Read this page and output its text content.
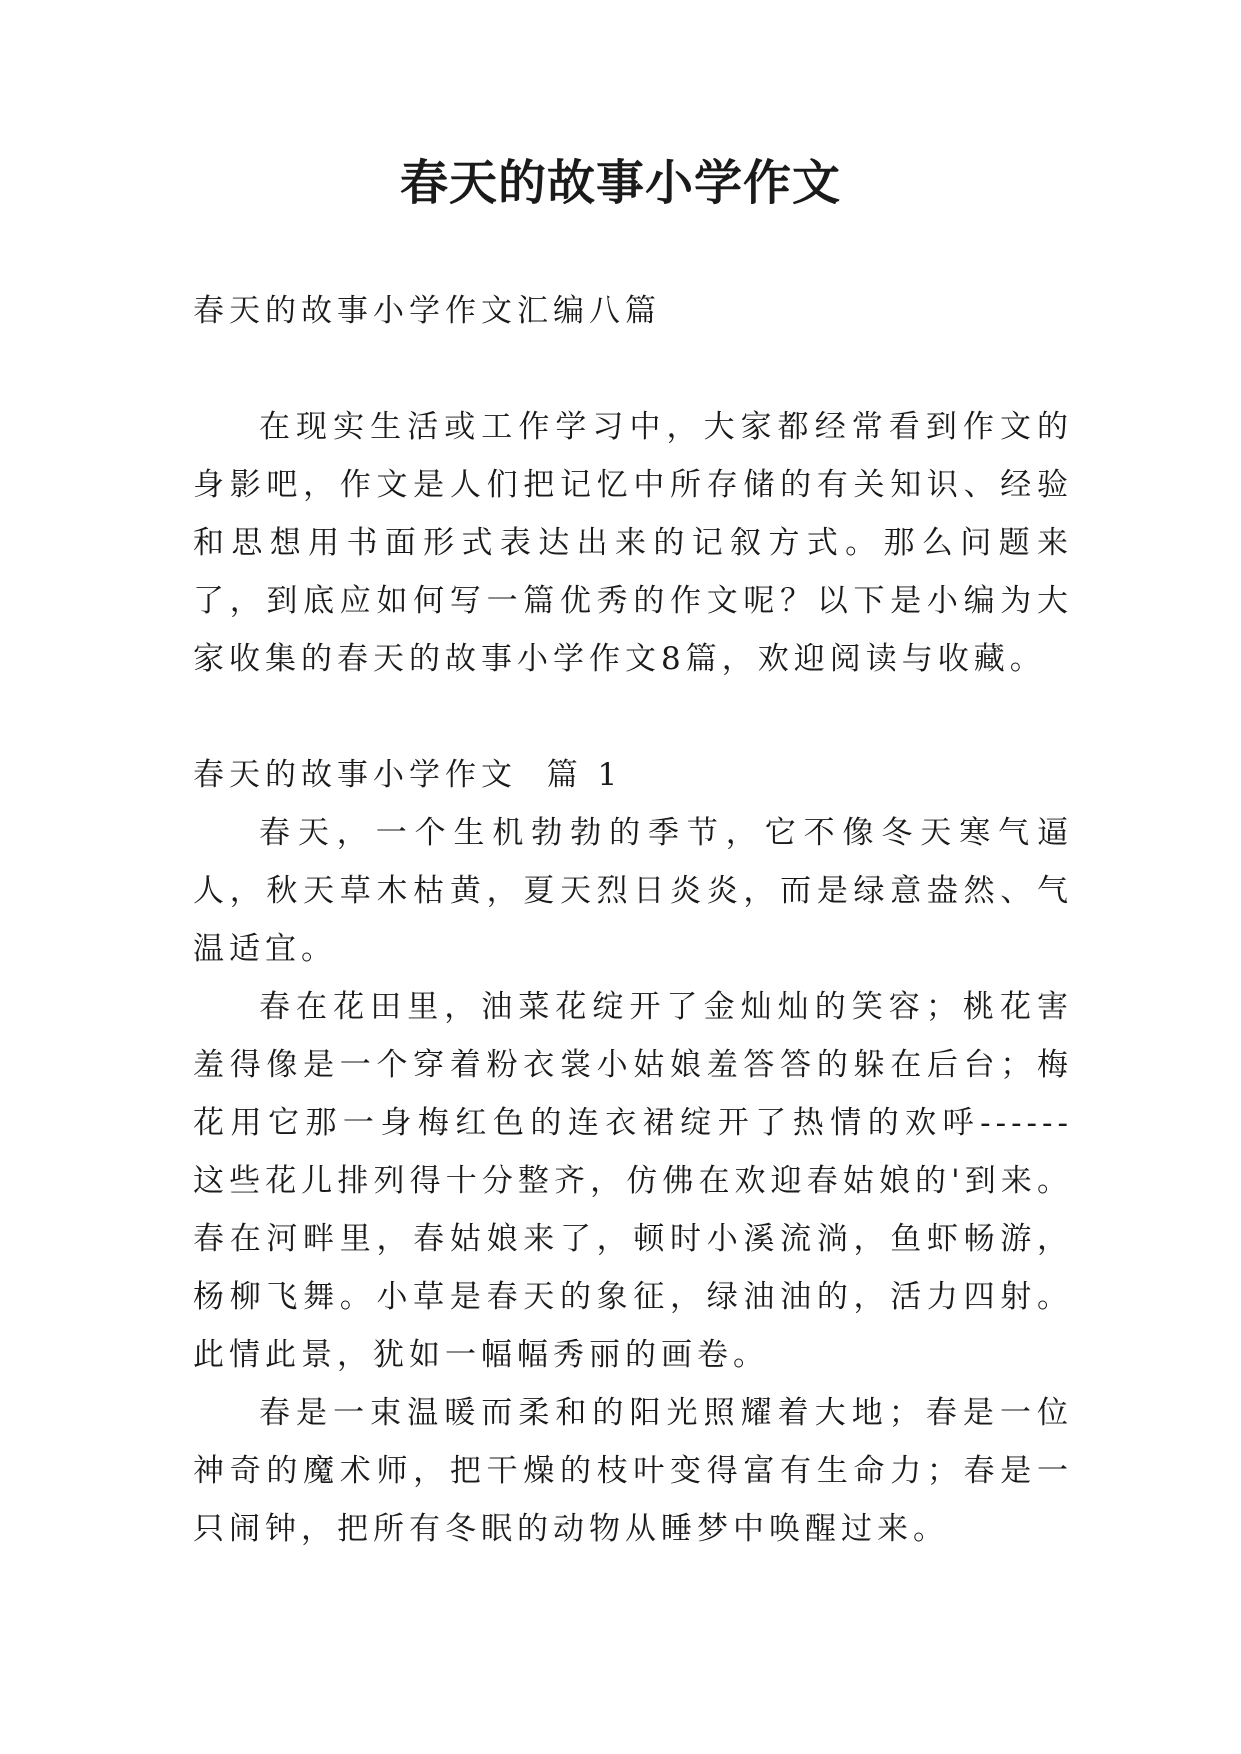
春天的故事小学作文

春天的故事小学作文汇编八篇

在现实生活或工作学习中，大家都经常看到作文的身影吧，作文是人们把记忆中所存储的有关知识、经验和思想用书面形式表达出来的记叙方式。那么问题来了，到底应如何写一篇优秀的作文呢？以下是小编为大家收集的春天的故事小学作文8篇，欢迎阅读与收藏。

春天的故事小学作文  篇 1

春天，一个生机勃勃的季节，它不像冬天寒气逼人，秋天草木枯黄，夏天烈日炎炎，而是绿意盎然、气温适宜。

春在花田里，油菜花绽开了金灿灿的笑容；桃花害羞得像是一个穿着粉衣裳小姑娘羞答答的躲在后台；梅花用它那一身梅红色的连衣裙绽开了热情的欢呼------这些花儿排列得十分整齐，仿佛在欢迎春姑娘的'到来。春在河畔里，春姑娘来了，顿时小溪流淌，鱼虾畅游，杨柳飞舞。小草是春天的象征，绿油油的，活力四射。此情此景，犹如一幅幅秀丽的画卷。

春是一束温暖而柔和的阳光照耀着大地；春是一位神奇的魔术师，把干燥的枝叶变得富有生命力；春是一只闹钟，把所有冬眠的动物从睡梦中唤醒过来。
